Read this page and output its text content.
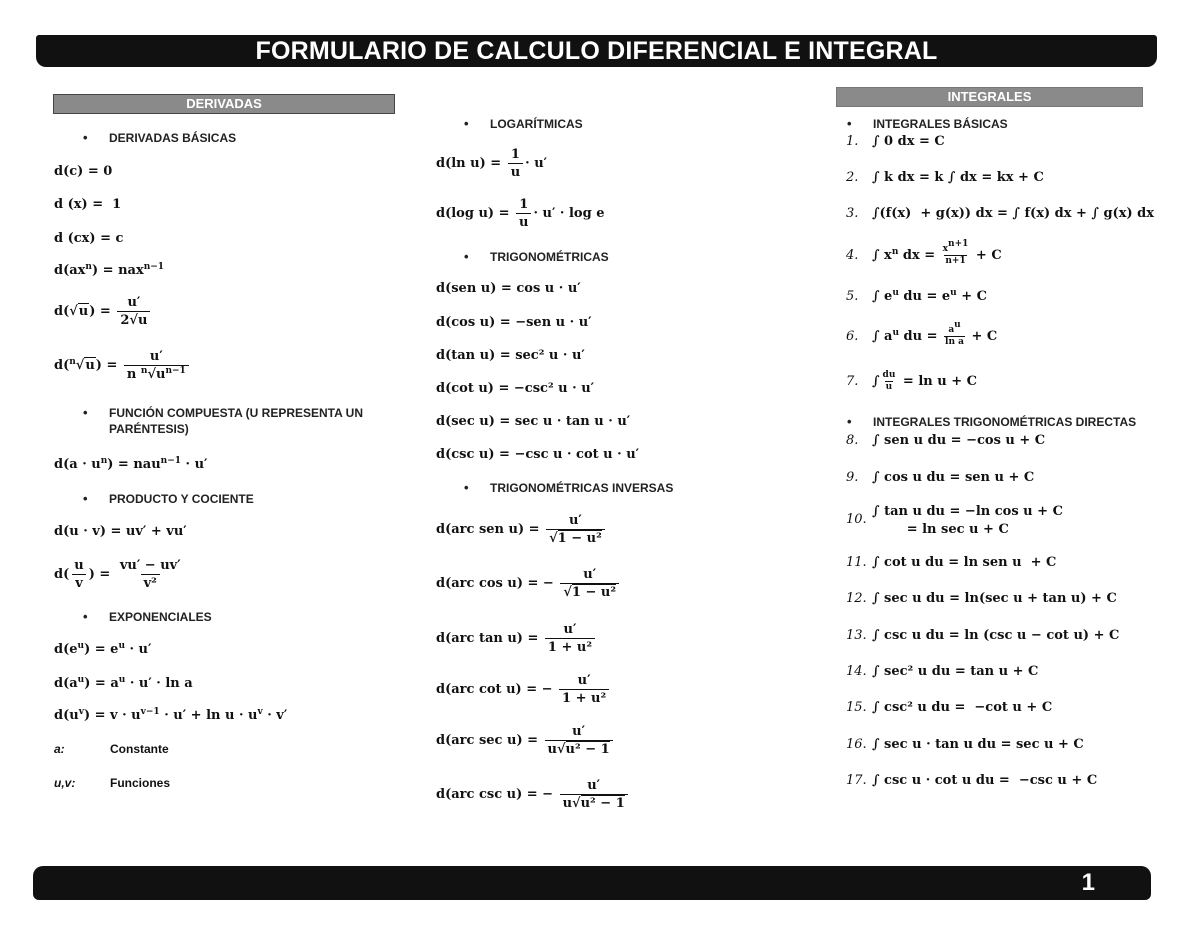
FORMULARIO DE CALCULO DIFERENCIAL E INTEGRAL
DERIVADAS
• DERIVADAS BÁSICAS
d(c) = 0
d (x) =  1
d (cx) = c
$d(ax^n) = nax^{n-1}$
$d(√u) = \frac{u'}{2√u}$
$d(^n√u) = \frac{u'}{n ^n√u^{n-1}}$
• FUNCIÓN COMPUESTA (U REPRESENTA UN PARÉNTESIS)
$d(a \cdot u^n) = nau^{n-1} \cdot u'$
• PRODUCTO Y COCIENTE
d(u · v) = uv′ + vu′
$d( \frac{u}{v}$ ) = $\frac{vu' - uv'}{\text{v²}}$
• EXPONENCIALES
$d(e^u) = e^u \cdot u'$
$d(a^u) = a^u \cdot u' \cdot \ln a$
$d(u^v) = v \cdot u^{v-1} \cdot u' + \ln u \cdot u^v \cdot v'$
a:	Constante
u,v:	Funciones
• LOGARÍTMICAS
d(ln $u) = \frac{1}{u} \cdot u'$
d(log $u) = \frac{1}{u} \cdot u' \cdot \log e$
• TRIGONOMÉTRICAS
d(sen u) = cos u · u′
d(cos u) = −sen u · u′
d(tan u) = sec² u · u′
d(cot u) = −csc² u · u′
d(sec u) = sec u · tan u · u′
d(csc u) = −csc u · cot u · u′
• TRIGONOMÉTRICAS INVERSAS
d(arc sen $u) = \frac{u'}{\text{√1 − u²}}$
d(arc cos u) = − $\frac{u'}{\text{√1 − u²}}$
d(arc $\tan u) = \frac{u'}{\text{1 + u²}}$
d(arc cot u) = − $\frac{u'}{\text{1 + u²}}$
d(arc $\sec u) = \frac{u'}{\text{u√u² − 1}}$
d(arc csc u) = − $\frac{u'}{\text{u√u² − 1}}$
INTEGRALES
• INTEGRALES BÁSICAS
1. ∫ 0 dx = C
2. ∫ k dx = k ∫ dx = kx + C
3. ∫(f(x)  + g(x)) dx = ∫ f(x) dx + ∫ g(x) dx
4. ∫ $x^n$ dx = $\frac{x^{n+1}}{n+1} + C$
5. ∫ $e^u$ du = $e^u + C$
6. ∫ $a^u$ du = $\frac{a^u}{\text{ln a}} + C$
7. ∫ $\frac{du}{u} = \ln u + C$
• INTEGRALES TRIGONOMÉTRICAS DIRECTAS
8. ∫ sen u du = −cos u + C
9. ∫ cos u du = sen u + C
10.∫ tan u du = −ln cos u + C
= ln sec u + C
11. ∫ cot u du = ln sen u  + C
12. ∫ sec u du = ln(sec u + tan u) + C
13. ∫ csc u du = ln (csc u − cot u) + C
14. ∫ sec² u du = tan u + C
15. ∫ csc² u du =  −cot u + C
16. ∫ sec u · tan u du = sec u + C
17. ∫ csc u · cot u du =  −csc u + C
1
